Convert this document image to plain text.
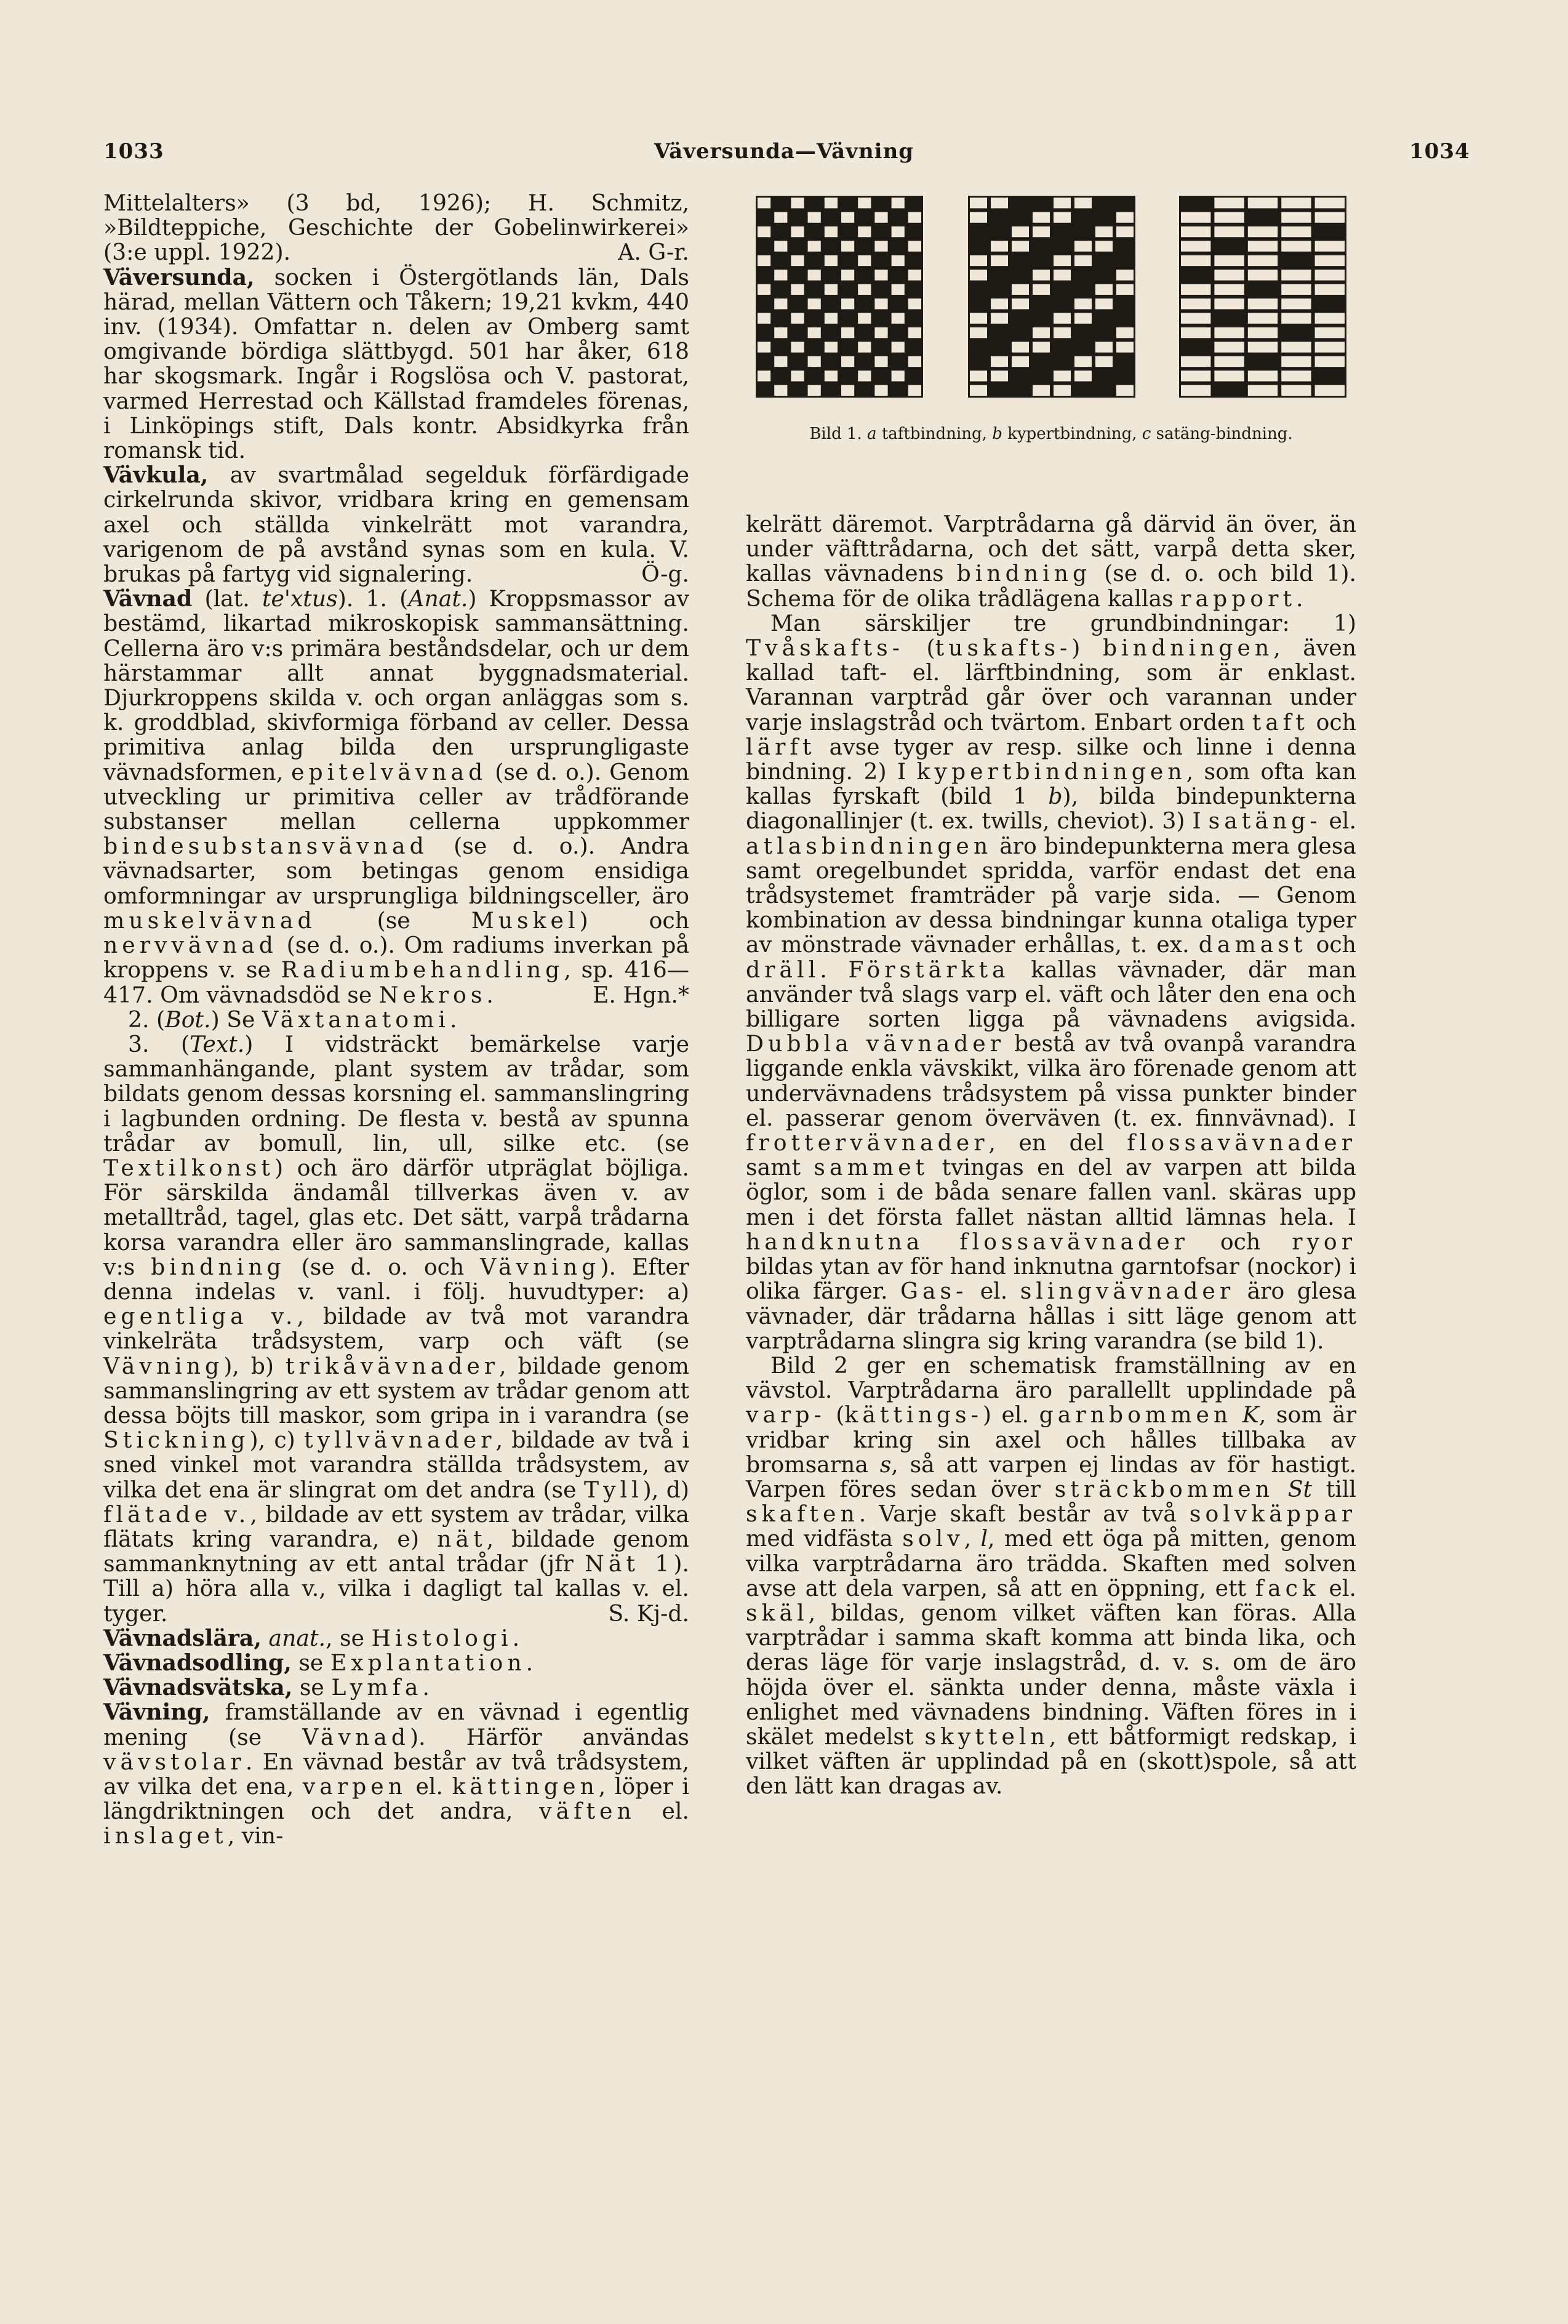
1033	Väversunda—Vävning	1034
Bild 1. a taftbindning, b kypertbindning, c satäng-bindning.

Mittelalters» (3 bd, 1926); H. Schmitz, »Bildteppiche, Geschichte der Gobelinwirkerei» (3:e uppl. 1922).	A. G-r.

Väversunda, socken i Östergötlands län, Dals härad, mellan Vättern och Tåkern; 19,21 kvkm, 440 inv. (1934). Omfattar n. delen av Omberg samt omgivande bördiga slättbygd. 501 har åker, 618 har skogsmark. Ingår i Rogslösa och V. pastorat, varmed Herrestad och Källstad framdeles förenas, i Linköpings stift, Dals kontr. Absidkyrka från romansk tid.

Vävkula, av svartmålad segelduk förfärdigade cirkelrunda skivor, vridbara kring en gemensam axel och ställda vinkelrätt mot varandra, varigenom de på avstånd synas som en kula. V. brukas på fartyg vid signalering.	Ö-g.

Vävnad (lat. te'xtus). 1. (Anat.) Kroppsmassor av bestämd, likartad mikroskopisk sammansättning. Cellerna äro v:s primära beståndsdelar, och ur dem härstammar allt annat byggnadsmaterial. Djurkroppens skilda v. och organ anläggas som s. k. groddblad, skivformiga förband av celler. Dessa primitiva anlag bilda den ursprungligaste vävnadsformen, epitelvävnad (se d. o.). Genom utveckling ur primitiva celler av trådförande substanser mellan cellerna uppkommer bindesubstansvävnad (se d. o.). Andra vävnadsarter, som betingas genom ensidiga omformningar av ursprungliga bildningsceller, äro muskelvävnad (se Muskel) och nervvävnad (se d. o.). Om radiums inverkan på kroppens v. se Radiumbehandling, sp. 416—417. Om vävnadsdöd se Nekros.	E. Hgn.*

2. (Bot.) Se Växtanatomi.

3. (Text.) I vidsträckt bemärkelse varje sammanhängande, plant system av trådar, som bildats genom dessas korsning el. sammanslingring i lagbunden ordning. De flesta v. bestå av spunna trådar av bomull, lin, ull, silke etc. (se Textilkonst) och äro därför utpräglat böjliga. För särskilda ändamål tillverkas även v. av metalltråd, tagel, glas etc. Det sätt, varpå trådarna korsa varandra eller äro sammanslingrade, kallas v:s bindning (se d. o. och Vävning). Efter denna indelas v. vanl. i följ. huvudtyper: a) egentliga v., bildade av två mot varandra vinkelräta trådsystem, varp och väft (se Vävning), b) trikåvävnader, bildade genom sammanslingring av ett system av trådar genom att dessa böjts till maskor, som gripa in i varandra (se Stickning), c) tyllvävnader, bildade av två i sned vinkel mot varandra ställda trådsystem, av vilka det ena är slingrat om det andra (se Tyll), d) flätade v., bildade av ett system av trådar, vilka flätats kring varandra, e) nät, bildade genom sammanknytning av ett antal trådar (jfr Nät 1). Till a) höra alla v., vilka i dagligt tal kallas v. el. tyger.	S. Kj-d.

Vävnadslära, anat., se Histologi.

Vävnadsodling, se Explantation.

Vävnadsvätska, se Lymfa.

Vävning, framställande av en vävnad i egentlig mening (se Vävnad). Härför användas vävstolar. En vävnad består av två trådsystem, av vilka det ena, varpen el. kättingen, löper i längdriktningen och det andra, väften el. inslaget, vin-

kelrätt däremot. Varptrådarna gå därvid än över, än under väfttrådarna, och det sätt, varpå detta sker, kallas vävnadens bindning (se d. o. och bild 1). Schema för de olika trådlägena kallas rapport.

Man särskiljer tre grundbindningar: 1) Tvåskafts- (tuskafts-) bindningen, även kallad taft- el. lärftbindning, som är enklast. Varannan varptråd går över och varannan under varje inslagstråd och tvärtom. Enbart orden taft och lärft avse tyger av resp. silke och linne i denna bindning. 2) I kypertbindningen, som ofta kan kallas fyrskaft (bild 1 b), bilda bindepunkterna diagonallinjer (t. ex. twills, cheviot). 3) I satäng- el. atlasbindningen äro bindepunkterna mera glesa samt oregelbundet spridda, varför endast det ena trådsystemet framträder på varje sida. — Genom kombination av dessa bindningar kunna otaliga typer av mönstrade vävnader erhållas, t. ex. damast och dräll. Förstärkta kallas vävnader, där man använder två slags varp el. väft och låter den ena och billigare sorten ligga på vävnadens avigsida. Dubbla vävnader bestå av två ovanpå varandra liggande enkla vävskikt, vilka äro förenade genom att undervävnadens trådsystem på vissa punkter binder el. passerar genom överväven (t. ex. finnvävnad). I frottervävnader, en del flossavävnader samt sammet tvingas en del av varpen att bilda öglor, som i de båda senare fallen vanl. skäras upp men i det första fallet nästan alltid lämnas hela. I handknutna flossavävnader och ryor bildas ytan av för hand inknutna garntofsar (nockor) i olika färger. Gas- el. slingvävnader äro glesa vävnader, där trådarna hållas i sitt läge genom att varptrådarna slingra sig kring varandra (se bild 1).

Bild 2 ger en schematisk framställning av en vävstol. Varptrådarna äro parallellt upplindade på varp- (kättings-) el. garnbommen K, som är vridbar kring sin axel och hålles tillbaka av bromsarna s, så att varpen ej lindas av för hastigt. Varpen föres sedan över sträckbommen St till skaften. Varje skaft består av två solvkäppar med vidfästa solv, l, med ett öga på mitten, genom vilka varptrådarna äro trädda. Skaften med solven avse att dela varpen, så att en öppning, ett fack el. skäl, bildas, genom vilket väften kan föras. Alla varptrådar i samma skaft komma att binda lika, och deras läge för varje inslagstråd, d. v. s. om de äro höjda över el. sänkta under denna, måste växla i enlighet med vävnadens bindning. Väften föres in i skälet medelst skytteln, ett båtformigt redskap, i vilket väften är upplindad på en (skott)spole, så att den lätt kan dragas av.
